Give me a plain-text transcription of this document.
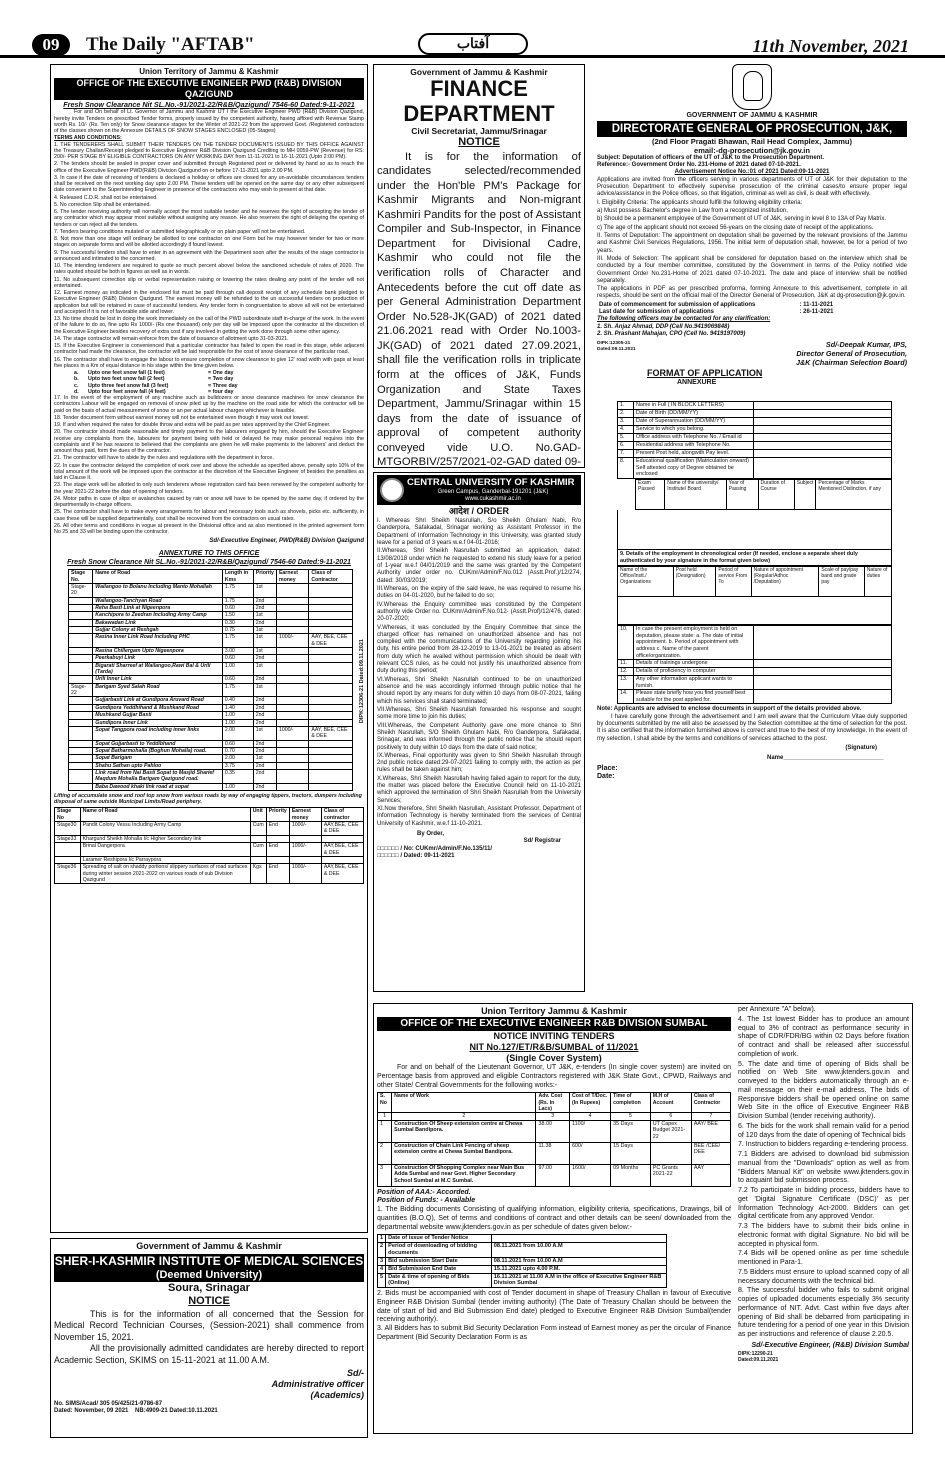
09	The Daily "AFTAB"	آفتاب	11th November, 2021
Union Territory of Jammu & Kashmir
OFFICE OF THE EXECUTIVE ENGINEER PWD (R&B) DIVISION QAZIGUND
Fresh Snow Clearance Nit SL.No.-91/2021-22/R&B/Qazigund/ 7546-60 Dated:9-11-2021
For and On behalf of Lt. Governor of Jammu and Kashmir UT I the Executive Engineer PWD (R&B) Division Qazigund, hereby invite Tenders on prescribed Tender forms, properly issued by the competent authority, having affixed with Revenue Stamp worth Rs. 10/- (Rs. Ten only) for Snow clearance stages for the Winter of 2021-22 from the approved Govt. /Registered contractors of the classes shown on the Annexure DETAILS OF SNOW STAGES ENCLOSED (05-Stages)
TERMS AND CONDITIONS:
1. THE TENDERERS SHALL SUBMIT THEIR TENDERS ON THE TENDER DOCUMENTS ISSUED BY THIS OFFICE AGAINST the Treasury Challan/Receipt pledged to Executive Engineer R&B Division Qazigund Crediting to MH 0059-PW (Revenue) for RS: 200/- PER STAGE BY ELIGIBLE CONTRACTORS ON ANY WORKING DAY from 11-11-2021 to 16-11-2021 (Upto 2:00 PM).
2. The tenders should be sealed in proper cover and submitted through Registered post or delivered by hand so as to reach the office of the Executive Engineer PWD(R&B) Division Qazigund on or before 17-11-2021 upto 2.00 PM.
3. In case if the date of receiving of tenders is declared a holiday or offices are closed for any un-avoidable circumstances tenders shall be received on the next working day upto 2.00 PM. These tenders will be opened on the same day or any other subsequent date convenient to the Superintending Engineer in presence of the contractors who may wish to present at that date.
4. Released C.D.R. shall not be entertained.
5. No correction Slip shall be entertained.
6. The tender receiving authority will normally accept the most suitable tender and he reserves the right of accepting the tender of any contractor which may appear most suitable without assigning any reason. He also reserves the right of delaying the opening of tenders or can reject all the tenders.
7. Tenders bearing conditions mutated or submitted telegraphically or on plain paper will not be entertained.
8. Not more than one stage will ordinary be allotted to one contractor on one Form but he may however tender for two or more stages on separate forms and will be allotted accordingly if found lowest.
9. The successful tenders shall have to enter in an agreement with the Department soon after the results of the stage contractor is announced and intimated to the concerned.
10. The intending tenderers are required to quote so much percent above/ below the sanctioned schedule of rates of 2020. The rates quoted should be both in figures as well as in words.
11. No subsequent correction slip or verbal representation raising or lowering the rates dealing any point of the tender will not entertained.
12. Earnest money as indicated in the enclosed list must be paid through call deposit receipt of any schedule bank pledged to Executive Engineer (R&B) Division Qazigund. The earnest money will be refunded to the un successful tenders on production of application but will be retained in case of successful tenders. Any tender form in congruentation to above all will not be entertained and accepted if it is not of favorable side and lower.
13. No time should be lost in doing the work immediately on the call of the PWD subordinate staff in-charge of the work. In the event of the failure to do so, fine upto Rs 1000/- (Rs one thousand) only per day will be imposed upon the contractor at the discretion of the Executive Engineer besides recovery of extra cost if any involved in getting the work done through some other agency.
14. The stage contractor will remain enforce from the date of issuance of allotment upto 31-03-2021.
15. If the Executive Engineer is convenienced that a particular contractor has failed to open the road in this stage, while adjacent contractor had made the clearance, the contractor will be laid responsible for the cost of snow clearance of the particular road.
16. The contractor shall have to engage the labour to ensure completion of snow clearance to give 12' road width with gaps at least five places in a Km of equal distance in his stage within the time given below.
a.	Upto one feet snow fall (1 feet)	= One day
b.	Upto two feet snow fall (2 feet)	= Two day
c.	Upto three feet snow fall (3 feet)	= Three day
d.	Upto four feet snow fall (4 feet)	= four day
17. In the event of the employment of any machine such as bulldozers or snow clearance machines for snow clearance the contractors Labour will be engaged on removal of snow piled up by the machine on the road side for which the contractor will be paid on the basis of actual measurement of snow or an per actual labour charges whichever is feasible.
18. Tender document form without earnest money will not be entertained even though it may work out lowest.
19. If and when required the rates for double throw and extra will be paid as per rates approved by the Chief Engineer.
20. The contractor should made reasonable and timely payment to the labourers engaged by him, should the Executive Engineer receive any complaints from the, labourers for payment being with held or delayed he may make personal requires into the complaints and if he has reasons to believed that the complaints are given he will make payments to the laborers' and deduct the amount thus paid, form the dues of the contractor.
21. The contractor will have to abide by the rules and regulations with the department in force.
22. In case the contractor delayed the completion of work over and above the schedule as specified above, penalty upto 10% of the total amount of the work will be imposed upon the contractor at the discretion of the Executive Engineer of besides the penalties as laid in Clause II.
23. The stage work will be allotted to only such tenderers whose registration card has been renewed by the competent authority for the year 2021-22 before the date of opening of tenders.
24. Motor paths in case of slips or avalanches caused by rain or snow will have to be opened by the same day, if ordered by the departmentally in-charge officers.
25. The contractor shall have to make every arrangements for labour and necessary tools such as shovels, picks etc. sufficiently, in case these will be supplied departmentally, cost shall be recovered from the contractors on usual rates.
26. All other terms and conditions in vogue at present in the Divisional office and as also mentioned in the printed agreement form No 25 and 33 will be binding upon the contractor.
Sd/-Executive Engineer, PWD(R&B) Division Qazigund
ANNEXTURE TO THIS OFFICE
Fresh Snow Clearance Nit SL.No.-91/2021-22/R&B/Qazigund/ 7546-60 Dated:9-11-2021
Stage No.	Name of Road	Length in Kms	Priority	Earnest money	Class of Contractor
Stage-20	Wailangoo to Bolanu Including Manto Mohallah	1.75	1st		
	Wailangoo-Tanchyan Road	1.75	2nd		
	Reha Basti Link at Nigeenpora	0.60	2nd		
	Kanchipora to Zeedran Including Army Camp	1.50	1st		
	Bakawadan Link	0.30	2nd		
	Gujjar Colony at Reshgah	0.75	1st		
	Rasina Inner Link Road Including PHC	1.75	1st	1000/-	AAY, BEE, CEE & DEE
	Rasina Chillergam Upto Nigeenpora	3.00	1st		
	Peerkabuyi Link	0.60	2nd		
	Bigarati Sharreef at Wailangoo,Rawi Bal & Urili (Tarda)	1.00	1st		
	Urili Inner Link	0.60	2nd		
Stage-22	Barigam Syed Salah Road	1.75	1st		
	Gujjarbasti Link at Gundipora Aruvard Road	0.40	2nd		
	Gundipora Yeddhihand & Mushkand Road	1.40	2nd		
	Mushkand Gujjar Basti	1.00	2nd		
	Gundipora Inner Link	1.00	2nd		
	Sopat Tangpora road including inner links	2.00	1st	1000/-	AAY, BEE, CEE & DEE
	Sopat Gujjarbasti to Yeddibhand	0.60	2nd		
	Sopat Batharmohalla (Boghun Mohalla) road.	0.70	2nd		
	Sopat Barigam	2.00	1st		
	Shahu Sathan upto Pahloo	3.75	2nd		
	Link road from Nai Basti Sopat to Masjid Sharief Maqdum Mohalla Barigam Qazigund road.	0.35	2nd		
	Baba Dawood khaki link road at sopat	1.00	2nd		
DIPK:12306-21 Dated:09.11.2021
Lifting of accumulate snow and roof top snow from various roads by way of engaging tippers, tractors, dumpers including disposal of same outside Municipal Limits/Road periphery.
Stage No	Name of Road	Unit	Priority	Earnest money	Class of contractor
Stage30	Pandit Colony Vessu Including Army Camp	Cum	End	1000/-	AAY,BEE, CEE & DEE
Stage33	Khargund Sheikh Mohalla I/c Higher Secondary link				
	Brinal Dangerpora	Cum	End	1000/-	AAY,BEE, CEE & DEE
	Laramer Reshipora I/c Parraypora				
Stage36	Spreading of salt on shaddy portions/ slippery surfaces of road surfaces during winter session 2021-2022 on various roads of sub Division Qazigund	Kgs	End	1000/-	AAY,BEE, CEE & DEE
Government of Jammu & Kashmir
SHER-I-KASHMIR INSTITUTE OF MEDICAL SCIENCES
(Deemed University)
Soura, Srinagar
NOTICE
This is for the information of all concerned that the Session for Medical Record Technician Courses, (Session-2021) shall commence from November 15, 2021.
All the provisionally admitted candidates are hereby directed to report Academic Section, SKIMS on 15-11-2021 at 11.00 A.M.
Sd/-
Administrative officer
(Academics)
No. SIMS/Acad/ 305 05/425/21-9786-87
Dated: November, 09 2021 NB:4909-21 Dated:10.11.2021
Government of Jammu & Kashmir
FINANCE DEPARTMENT
Civil Secretariat, Jammu/Srinagar
NOTICE
It is for the information of candidates selected/recommended under the Hon'ble PM's Package for Kashmir Migrants and Non-migrant Kashmiri Pandits for the post of Assistant Compiler and Sub-Inspector, in Finance Department for Divisional Cadre, Kashmir who could not file the verification rolls of Character and Antecedents before the cut off date as per General Administration Department Order No.528-JK(GAD) of 2021 dated 21.06.2021 read with Order No.1003-JK(GAD) of 2021 dated 27.09.2021, shall file the verification rolls in triplicate form at the offices of J&K, Funds Organization and State Taxes Department, Jammu/Srinagar within 15 days from the date of issuance of approval of competent authority conveyed vide U.O. No.GAD-MTGORBIV/257/2021-02-GAD dated 09-
CENTRAL UNIVERSITY OF KASHMIR
Green Campus, Ganderbal-191201 (J&K)
www.cukashmir.ac.in
आदेश / ORDER
I. Whereas Shri Sheikh Nasrullah, S/o Sheikh Ghulam Nabi, R/o Ganderpora, Safakadal, Srinagar working as Assistant Professor in the Department of Information Technology in this University, was granted study leave for a period of 3 years w.e.f 04-01-2016;
II.Whereas, Shri Sheikh Nasrullah submitted an application, dated: 13/08/2018 under which he requested to extend his study leave for a period of 1-year w.e.f 04/01/2019 and the same was granted by the Competent Authority under order no. CUKmr/Admin/F.No.012 (Asstt.Prof.)/12/274, dated: 30/03/2019;
III.Whereas, on the expiry of the said leave, he was required to resume his duties on 04-01-2020, but he failed to do so;
IV.Whereas the Enquiry committee was constituted by the Competent authority vide Order no. CUKmr/Admin/F.No.012- (Asstt.Prof)/12/476, dated: 20-07-2020;
V.Whereas, it was concluded by the Enquiry Committee that since the charged officer has remained on unauthorized absence and has not complied with the communications of the University regarding joining his duty, his entire period from 28-12-2019 to 13-01-2021 be treated as absent from duty which he availed without permission which should be dealt with relevant CCS rules, as he could not justify his unauthorized absence from duty during this period;
VI.Whereas, Shri Sheikh Nasrullah continued to be on unauthorized absence and he was accordingly informed through public notice that he should report by any means for duty within 10 days from 08-07-2021, failing which his services shall stand terminated;
VII.Whereas, Shri Sheikh Nasrullah forwarded his response and sought some more time to join his duties;
VIII.Whereas, the Competent Authority gave one more chance to Shri Sheikh Nasrullah, S/O Sheikh Ghulam Nabi, R/o Ganderpora, Safakadal, Srinagar, and was informed through the public notice that he should report positively to duty within 10 days from the date of said notice;
IX.Whereas, Final opportunity was given to Shri Sheikh Nasrullah through 2nd public notice dated:29-07-2021 failing to comply with, the action as per rules shall be taken against him;
X.Whereas, Shri Sheikh Nasrullah having failed again to report for the duty, the matter was placed before the Executive Council held on 11-10-2021 which approved the termination of Shri Sheikh Nasrullah from the University Services;
XI.Now therefore, Shri Sheikh Nasrullah, Assistant Professor, Department of Information Technology is hereby terminated from the services of Central University of Kashmir, w.e.f 11-10-2021.
By Order,
Sd/ Registrar
□□□□□□ / No: CUKmr/Admin/F.No.135/11/
□□□□□□ / Dated: 09-11-2021
Union Territory Jammu & Kashmir
OFFICE OF THE EXECUTIVE ENGINEER R&B DIVISION SUMBAL
NOTICE INVITING TENDERS
NIT No.127/ET/R&B/SUMBAL of 11/2021
(Single Cover System)
For and on behalf of the Lieutenant Governor, UT J&K, e-tenders (In single cover system) are invited on Percentage basis from approved and eligible Contractors registered with J&K State Govt., CPWD, Railways and other State/ Central Governments for the following works:-
S. No	Name of Work	Adv. Cost (Rs. In Lacs)	Cost of T/Doc. (In Rupees)	Time of completion	M.H of Account	Class of Contractor
1	2	3	4	5	6	7
1	Construction Of Sheep extension centre at Chewa Sumbal Bandipora.	38.00	1100/	35 Days	UT Capex Budget 2021-22	AAY/ BEE
2	Construction of Chain Link Fencing of sheep extension centre at Chewa Sumbal Bandipora.	11.38	600/	15 Days		BEE /CEE/ DEE
3	Construction Of Shopping Complex near Main Bus Adda Sumbal and near Govt. Higher Secondary School Sumbal at M.C Sumbal.	97.00	1600/	09 Months	PC Grants 2021-22	AAY
Position of AAA:- Accorded.
Position of Funds: - Available
1. The Bidding documents Consisting of qualifying information, eligibility criteria, specifications, Drawings, bill of quantities (B.O.Q), Set of terms and conditions of contract and other details can be seen/ downloaded from the departmental website www.jktenders.gov.in as per schedule of dates given below:-
1	Date of issue of Tender Notice	
2	Period of downloading of bidding documents	08.11.2021 from 10.00 A.M
3	Bid submission Start Date	08.11.2021 from 10.00 A.M
4	Bid Submission End Date	15.11.2021 upto 4.00 P.M.
5	Date & time of opening of Bids (Online)	16.11.2021 at 11.00 A.M in the office of Executive Engineer R&B Division Sumbal
2. Bids must be accompanied with cost of Tender document in shape of Treasury Challan in favour of Executive Engineer R&B Division Sumbal (tender inviting authority) (The Date of Treasury Challan should be between the date of start of bid and Bid Submission End date) pledged to Executive Engineer R&B Division Sumbal(tender receiving authority).
3. All Bidders has to submit Bid Security Declaration Form instead of Earnest money as per the circular of Finance Department (Bid Security Declaration Form is as
per Annexure "A" below).
4. The 1st lowest Bidder has to produce an amount equal to 3% of contract as performance security in shape of CDR/FDR/BG within 02 Days before fixation of contract and shall be released after successful completion of work.
5. The date and time of opening of Bids shall be notified on Web Site www.jktenders.gov.in and conveyed to the bidders automatically through an e-mail message on their e-mail address. The bids of Responsive bidders shall be opened online on same Web Site in the office of Executive Engineer R&B Division Sumbal (tender receiving authority).
6. The bids for the work shall remain valid for a period of 120 days from the date of opening of Technical bids
7. Instruction to bidders regarding e-tendering process.
7.1 Bidders are advised to download bid submission manual from the "Downloads" option as well as from "Bidders Manual Kit" on website www.jktenders.gov.in to acquaint bid submission process.
7.2 To participate in bidding process, bidders have to get 'Digital Signature Certificate (DSC)' as per Information Technology Act-2000. Bidders can get digital certificate from any approved Vendor.
7.3 The bidders have to submit their bids online in electronic format with digital Signature. No bid will be accepted in physical form.
7.4 Bids will be opened online as per time schedule mentioned in Para-1.
7.5 Bidders must ensure to upload scanned copy of all necessary documents with the technical bid.
8. The successful bidder who fails to submit original copies of uploaded documents especially 3% security performance of NIT. Advt. Cast within five days after opening of Bid shall be debarred from participating in future tendering for a period of one year in this Division as per instructions and reference of clause 2.20.5.
Sd/-Executive Engineer, (R&B) Division Sumbal
DIPK:12290-21
Dated:09.11.2021
GOVERNMENT OF JAMMU & KASHMIR
DIRECTORATE GENERAL OF PROSECUTION, J&K,
(2nd Floor Pragati Bhawan, Rail Head Complex, Jammu)
email:-dg-prosecution@jk.gov.in
Subject: Deputation of officers of the UT of J&K to the Prosecution Department.
Reference:- Government Order No. 231-Home of 2021 dated 07-10-2021.
Advertisement Notice No.:01 of 2021 Dated:09-11-2021
Applications are invited from the officers serving in various departments of UT of J&K for their deputation to the Prosecution Department to effectively supervise prosecution of the criminal cases/to ensure proper legal advice/assistance in the Police offices, so that litigation, criminal as well as civil, is dealt with effectively.
I. Eligibility Criteria: The applicants should fulfill the following eligibility criteria:
a) Must possess Bachelor's degree in Law from a recognized institution,
b) Should be a permanent employee of the Government of UT of J&K, serving in level 8 to 13A of Pay Matrix.
c) The age of the applicant should not exceed 56-years on the closing date of receipt of the applications.
II. Terms of Deputation: The appointment on deputation shall be governed by the relevant provisions of the Jammu and Kashmir Civil Services Regulations, 1956. The initial term of deputation shall, however, be for a period of two years.
III. Mode of Selection: The applicant shall be considered for deputation based on the interview which shall be conducted by a four member committee, constituted by the Government in terms of the Policy notified vide Government Order No.231-Home of 2021 dated 07-10-2021. The date and place of interview shall be notified separately.
The applications in PDF as per prescribed proforma, forming Annexure to this advertisement, complete in all respects, should be sent on the official mail of the Director General of Prosecution, J&K at dg-prosecution@jk.gov.in.
Date of commencement for submission of applications	: 11-11-2021
Last date for submission of applications	: 26-11-2021
The following officers may be contacted for any clarification:
1. Sh. Anjaz Ahmad, DDP (Cell No.9419069848)
2. Sh. Prashant Mahajan, CPO (Cell No. 9419197009)
DIPK:12305-21
Dated:09.11.2021
Sd/-Deepak Kumar, IPS,
Director General of Prosecution,
J&K (Chairman Selection Board)
FORMAT OF APPLICATION
ANNEXURE
1.	Name in Full ( IN BLOCK LETTERS)	
2.	Date of Birth (DD/MM/YY)	
3.	Date of Superannuation (DD/MM/YY)	
4.	Service to which you belong.	
5.	Office address with Telephone No. / Email id	
6.	Residential address with Telephone No.	
7.	Present Post held, alongwith Pay level.	
8.	Educational qualification (Matriculation onward) Self attested copy of Degree obtained be enclosed	
Exam Passed	Name of the university/ Institute/ Board	Year of Passing	Duration of Course	Subject	Percentage of Marks Mentioned Distinction, if any
9. Details of the employment in chronological order (If needed, enclose a separate sheet duly authenticated by your signature in the format given below)
Name of the Office/Instt./ Organizations	Post held (Designation)	Period of service From To	Nature of appointment (Regular/Adhoc /Deputation)	Scale of pay/pay band and grade pay	Nature of duties
10.	In case the present employment is held on deputation, please state: a. The date of initial appointment. b. Period of appointment with address c. Name of the parent office/organization.	
11.	Details of trainings undergone	
12.	Details of proficiency in computer	
13.	Any other information applicant wants to furnish.	
14.	Please state briefly how you find yourself best suitable for the post applied for.	
Note: Applicants are advised to enclose documents in support of the details provided above.
I have carefully gone through the advertisement and I am well aware that the Curriculum Vitae duly supported by documents submitted by me will also be assessed by the Selection committee at the time of selection for the post. It is also certified that the information furnished above is correct and true to the best of my knowledge. In the event of my selection, I shall abide by the terms and conditions of services attached to the post.
(Signature)
Name______________________________
Place:
Date:
